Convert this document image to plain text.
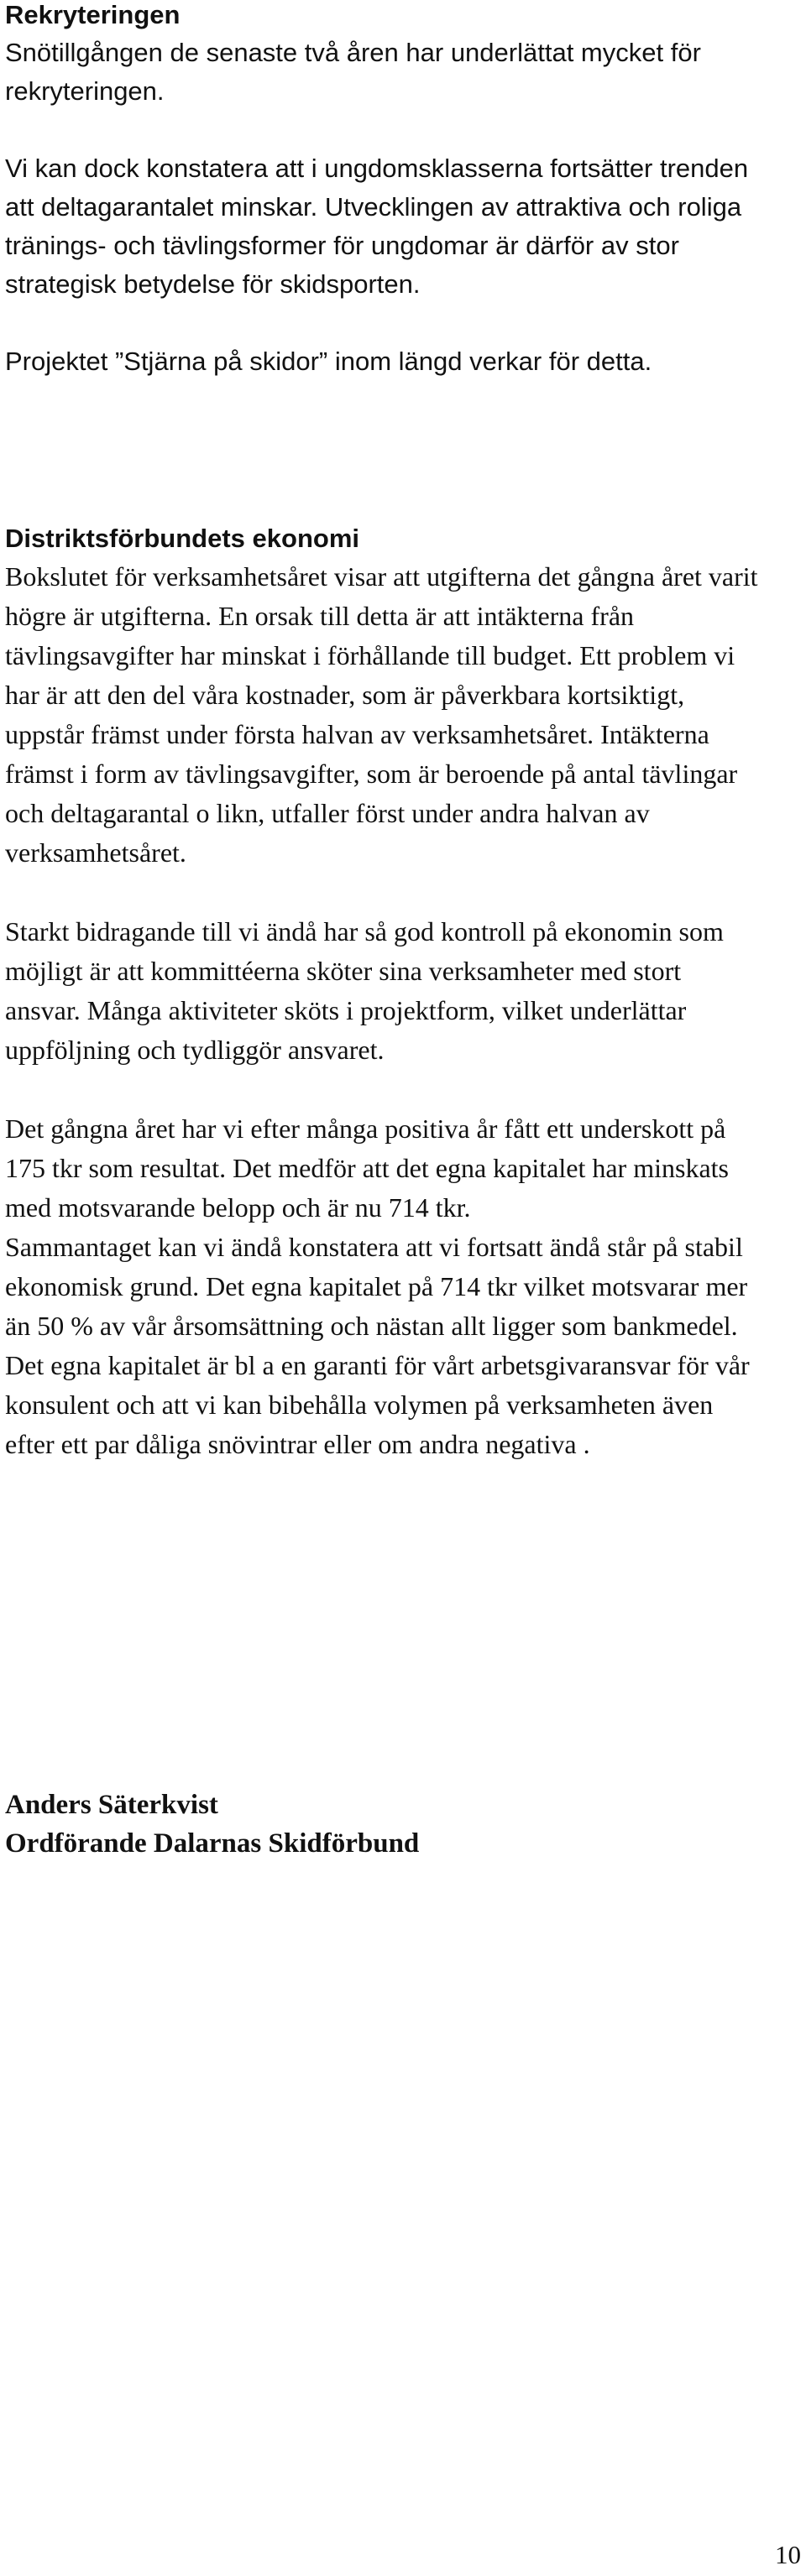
Rekryteringen

Snötillgången de senaste två åren har underlättat mycket för rekryteringen.

Vi kan dock konstatera att i ungdomsklasserna fortsätter trenden att deltagarantalet minskar. Utvecklingen av attraktiva och roliga tränings- och tävlingsformer för ungdomar är därför av stor strategisk betydelse för skidsporten.

Projektet ”Stjärna på skidor” inom längd verkar för detta.

Distriktsförbundets ekonomi

Bokslutet för verksamhetsåret visar att utgifterna det gångna året varit högre är utgifterna. En orsak till detta är att intäkterna från tävlingsavgifter har minskat i förhållande till budget. Ett problem vi har är att den del våra kostnader, som är påverkbara kortsiktigt, uppstår främst under första halvan av verksamhetsåret. Intäkterna främst i form av tävlingsavgifter, som är beroende på antal tävlingar och deltagarantal o likn, utfaller först under andra halvan av verksamhetsåret.

Starkt bidragande till vi ändå har så god kontroll på ekonomin som möjligt är att kommittéerna sköter sina verksamheter med stort ansvar. Många aktiviteter sköts i projektform, vilket underlättar uppföljning och tydliggör ansvaret.

Det gångna året har vi efter många positiva år fått ett underskott på 175 tkr som resultat. Det medför att det egna kapitalet har minskats med motsvarande belopp och är nu 714 tkr.

Sammantaget kan vi ändå konstatera att vi fortsatt ändå står på stabil ekonomisk grund. Det egna kapitalet på 714 tkr vilket motsvarar mer än 50 % av vår årsomsättning och nästan allt ligger som bankmedel. Det egna kapitalet är bl a en garanti för vårt arbetsgivaransvar för vår konsulent och att vi kan bibehålla volymen på verksamheten även efter ett par dåliga snövintrar eller om andra negativa .

Anders Säterkvist

Ordförande Dalarnas Skidförbund

10
